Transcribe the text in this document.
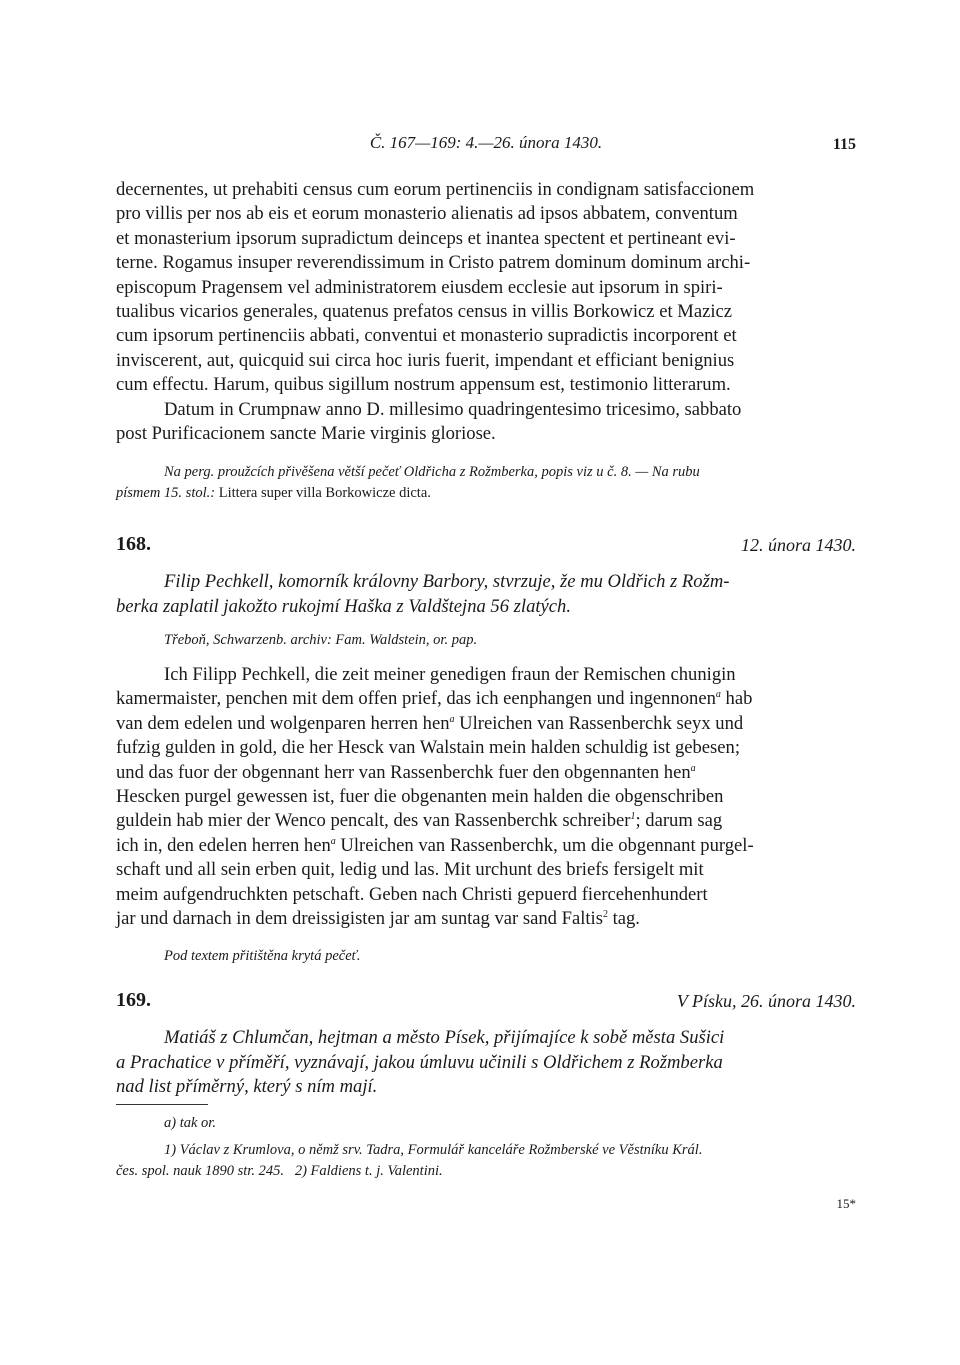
Č. 167—169: 4.—26. února 1430.	115

decernentes, ut prehabiti census cum eorum pertinenciis in condignam satisfaccionem

pro villis per nos ab eis et eorum monasterio alienatis ad ipsos abbatem, conventum

et monasterium ipsorum supradictum deinceps et inantea spectent et pertineant evi-

terne. Rogamus insuper reverendissimum in Cristo patrem dominum dominum archi-

episcopum Pragensem vel administratorem eiusdem ecclesie aut ipsorum in spiri-

tualibus vicarios generales, quatenus prefatos census in villis Borkowicz et Mazicz

cum ipsorum pertinenciis abbati, conventui et monasterio supradictis incorporent et

inviscerent, aut, quicquid sui circa hoc iuris fuerit, impendant et efficiant benignius

cum effectu. Harum, quibus sigillum nostrum appensum est, testimonio litterarum.

Datum in Crumpnaw anno D. millesimo quadringentesimo tricesimo, sabbato

post Purificacionem sancte Marie virginis gloriose.

Na perg. proužcích přivěšena větší pečeť Oldřicha z Rožmberka, popis viz u č. 8. — Na rubu

písmem 15. stol.: Littera super villa Borkowicze dicta.

168.	12. února 1430.

Filip Pechkell, komorník královny Barbory, stvrzuje, že mu Oldřich z Rožm-

berka zaplatil jakožto rukojmí Haška z Valdštejna 56 zlatých.

Třeboň, Schwarzenb. archiv: Fam. Waldstein, or. pap.

Ich Filipp Pechkell, die zeit meiner genedigen fraun der Remischen chunigin

kamermaister, penchen mit dem offen prief, das ich eenphangen und ingennonen$^a$ hab

van dem edelen und wolgenparen herren hen$^a$ Ulreichen van Rassenberchk seyx und

fufzig gulden in gold, die her Hesck van Walstain mein halden schuldig ist gebesen;

und das fuor der obgennant herr van Rassenberchk fuer den obgennanten hen$^a$

Hescken purgel gewessen ist, fuer die obgenanten mein halden die obgenschriben

guldein hab mier der Wenco pencalt, des van Rassenberchk schreiber$^1$; darum sag

ich in, den edelen herren hen$^a$ Ulreichen van Rassenberchk, um die obgennant purgel-

schaft und all sein erben quit, ledig und las. Mit urchunt des briefs fersigelt mit

meim aufgendruchkten petschaft. Geben nach Christi gepuerd fiercehenhundert

jar und darnach in dem dreissigisten jar am suntag var sand Faltis$^2$ tag.

Pod textem přitištěna krytá pečeť.

169.	V Písku, 26. února 1430.

Matiáš z Chlumčan, hejtman a město Písek, přijímajíce k sobě města Sušici

a Prachatice v příměří, vyznávají, jakou úmluvu učinili s Oldřichem z Rožmberka

nad list příměrný, který s ním mají.

a) tak or.

1) Václav z Krumlova, o němž srv. Tadra, Formulář kanceláře Rožmberské ve Věstníku Král.

čes. spol. nauk 1890 str. 245. 2) Faldiens t. j. Valentini.

15*
